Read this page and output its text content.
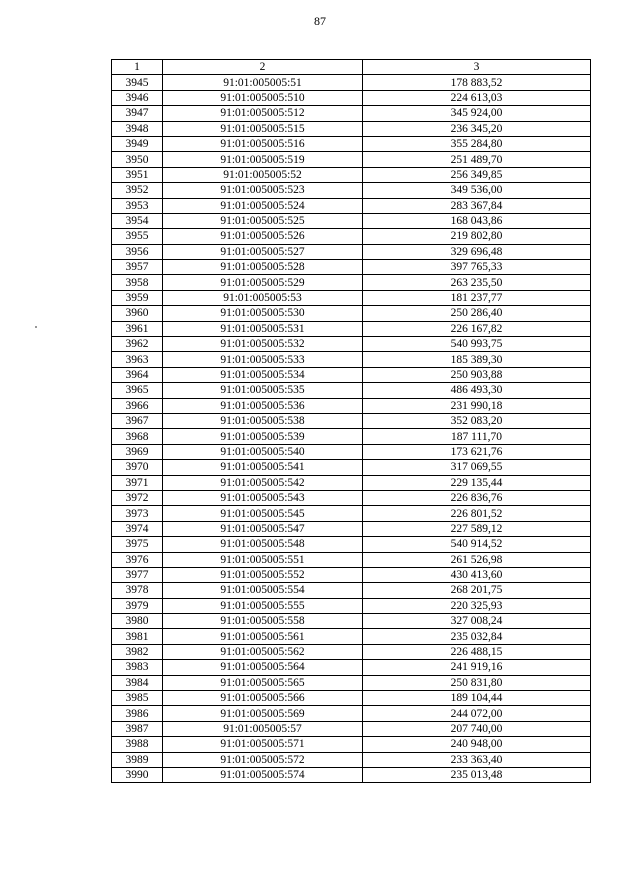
87
1	2	3
3945	91:01:005005:51	178 883,52
3946	91:01:005005:510	224 613,03
3947	91:01:005005:512	345 924,00
3948	91:01:005005:515	236 345,20
3949	91:01:005005:516	355 284,80
3950	91:01:005005:519	251 489,70
3951	91:01:005005:52	256 349,85
3952	91:01:005005:523	349 536,00
3953	91:01:005005:524	283 367,84
3954	91:01:005005:525	168 043,86
3955	91:01:005005:526	219 802,80
3956	91:01:005005:527	329 696,48
3957	91:01:005005:528	397 765,33
3958	91:01:005005:529	263 235,50
3959	91:01:005005:53	181 237,77
3960	91:01:005005:530	250 286,40
3961	91:01:005005:531	226 167,82
3962	91:01:005005:532	540 993,75
3963	91:01:005005:533	185 389,30
3964	91:01:005005:534	250 903,88
3965	91:01:005005:535	486 493,30
3966	91:01:005005:536	231 990,18
3967	91:01:005005:538	352 083,20
3968	91:01:005005:539	187 111,70
3969	91:01:005005:540	173 621,76
3970	91:01:005005:541	317 069,55
3971	91:01:005005:542	229 135,44
3972	91:01:005005:543	226 836,76
3973	91:01:005005:545	226 801,52
3974	91:01:005005:547	227 589,12
3975	91:01:005005:548	540 914,52
3976	91:01:005005:551	261 526,98
3977	91:01:005005:552	430 413,60
3978	91:01:005005:554	268 201,75
3979	91:01:005005:555	220 325,93
3980	91:01:005005:558	327 008,24
3981	91:01:005005:561	235 032,84
3982	91:01:005005:562	226 488,15
3983	91:01:005005:564	241 919,16
3984	91:01:005005:565	250 831,80
3985	91:01:005005:566	189 104,44
3986	91:01:005005:569	244 072,00
3987	91:01:005005:57	207 740,00
3988	91:01:005005:571	240 948,00
3989	91:01:005005:572	233 363,40
3990	91:01:005005:574	235 013,48
